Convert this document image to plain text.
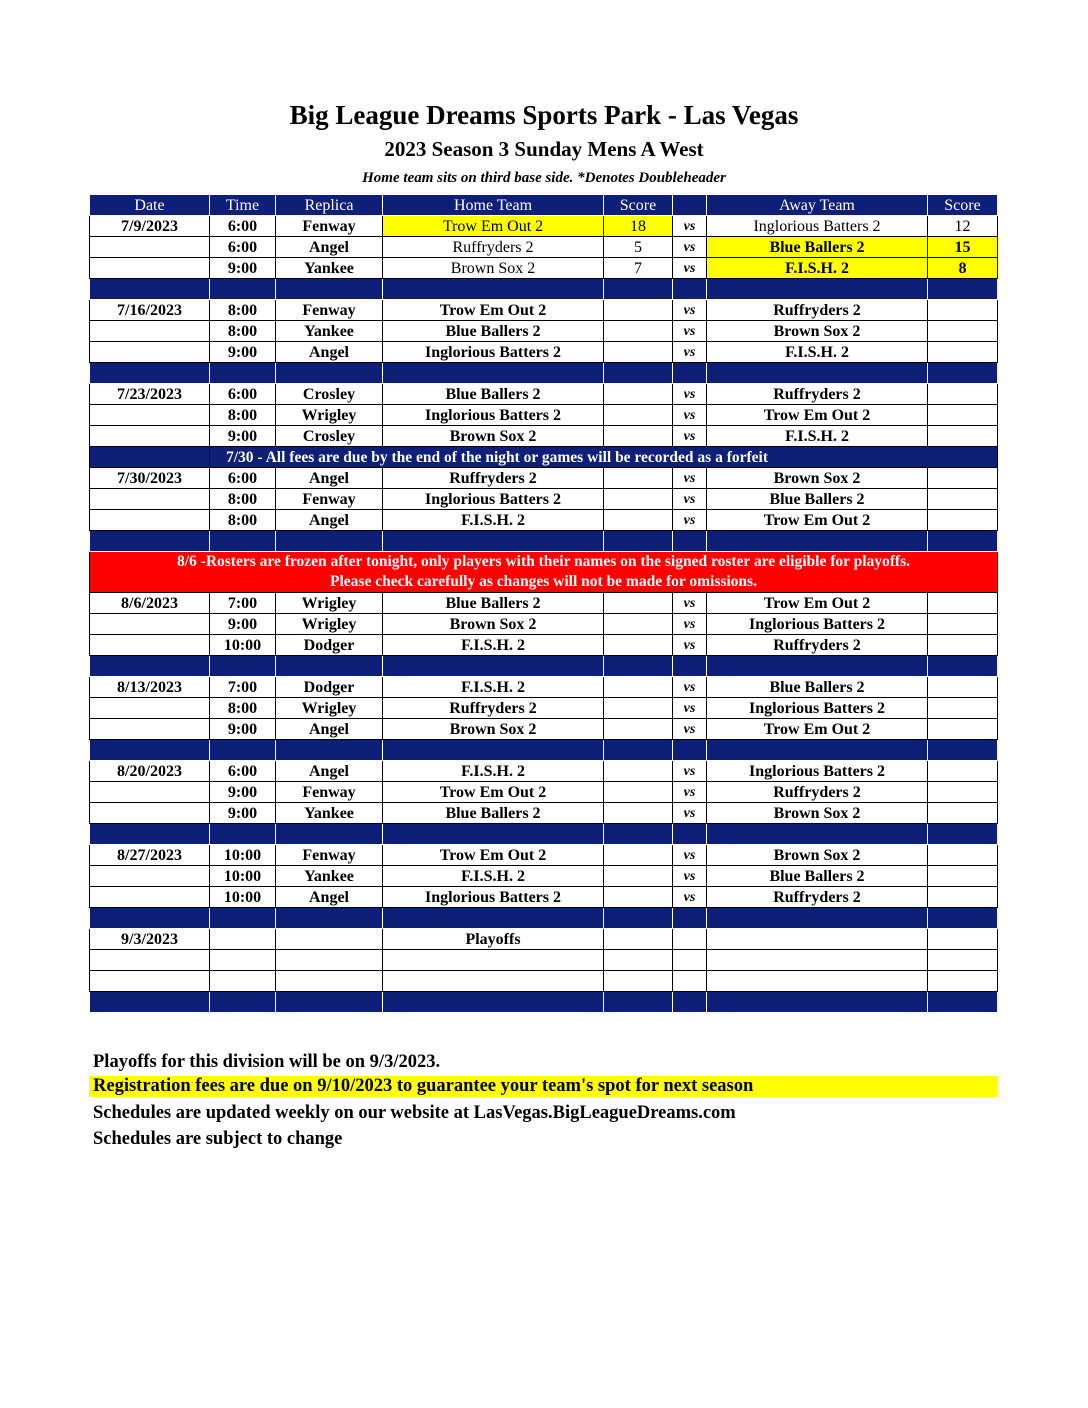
Big League Dreams Sports Park - Las Vegas
2023 Season 3 Sunday Mens A West
Home team sits on third base side. *Denotes Doubleheader
Date	Time	Replica	Home Team	Score		Away Team	Score
7/9/2023	6:00	Fenway	Trow Em Out 2	18	vs	Inglorious Batters 2	12
	6:00	Angel	Ruffryders 2	5	vs	Blue Ballers 2	15
	9:00	Yankee	Brown Sox 2	7	vs	F.I.S.H. 2	8

7/16/2023	8:00	Fenway	Trow Em Out 2		vs	Ruffryders 2	
	8:00	Yankee	Blue Ballers 2		vs	Brown Sox 2	
	9:00	Angel	Inglorious Batters 2		vs	F.I.S.H. 2	

7/23/2023	6:00	Crosley	Blue Ballers 2		vs	Ruffryders 2	
	8:00	Wrigley	Inglorious Batters 2		vs	Trow Em Out 2	
	9:00	Crosley	Brown Sox 2		vs	F.I.S.H. 2	
	7/30 - All fees are due by the end of the night or games will be recorded as a forfeit						
7/30/2023	6:00	Angel	Ruffryders 2		vs	Brown Sox 2	
	8:00	Fenway	Inglorious Batters 2		vs	Blue Ballers 2	
	8:00	Angel	F.I.S.H. 2		vs	Trow Em Out 2	

8/6 -Rosters are frozen after tonight, only players with their names on the signed roster are eligible for playoffs.
Please check carefully as changes will not be made for omissions.							

8/6/2023	7:00	Wrigley	Blue Ballers 2		vs	Trow Em Out 2	
	9:00	Wrigley	Brown Sox 2		vs	Inglorious Batters 2	
	10:00	Dodger	F.I.S.H. 2		vs	Ruffryders 2	

8/13/2023	7:00	Dodger	F.I.S.H. 2		vs	Blue Ballers 2	
	8:00	Wrigley	Ruffryders 2		vs	Inglorious Batters 2	
	9:00	Angel	Brown Sox 2		vs	Trow Em Out 2	

8/20/2023	6:00	Angel	F.I.S.H. 2		vs	Inglorious Batters 2	
	9:00	Fenway	Trow Em Out 2		vs	Ruffryders 2	
	9:00	Yankee	Blue Ballers 2		vs	Brown Sox 2	

8/27/2023	10:00	Fenway	Trow Em Out 2		vs	Brown Sox 2	
	10:00	Yankee	F.I.S.H. 2		vs	Blue Ballers 2	
	10:00	Angel	Inglorious Batters 2		vs	Ruffryders 2	

9/3/2023			Playoffs				

Playoffs for this division will be on 9/3/2023.
Registration fees are due on 9/10/2023 to guarantee your team's spot for next season
Schedules are updated weekly on our website at LasVegas.BigLeagueDreams.com
Schedules are subject to change
